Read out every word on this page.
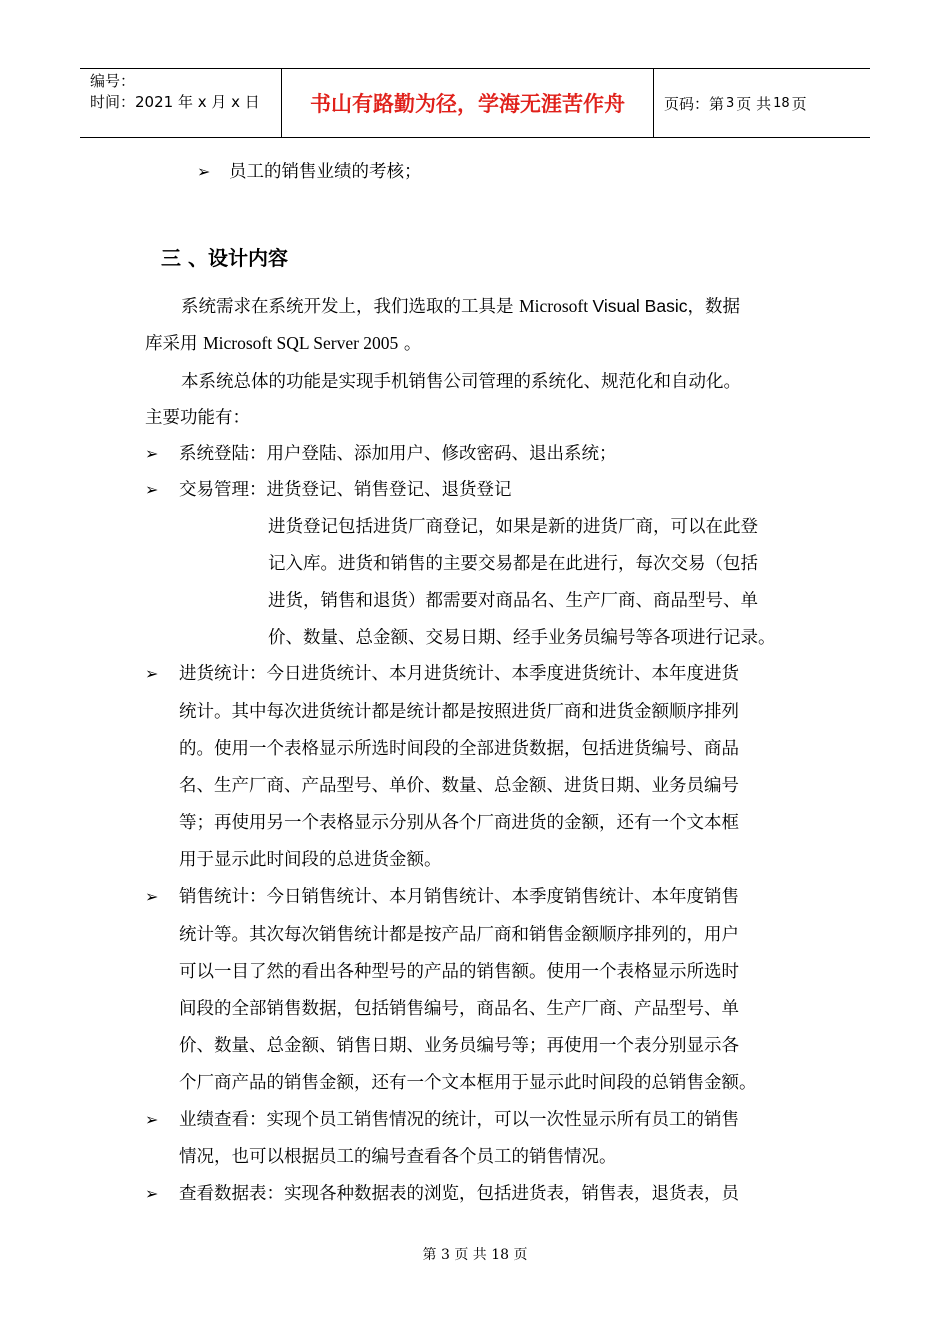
编号：
时间：2021 年 x 月 x 日	书山有路勤为径，学海无涯苦作舟	页码：第 3 页 共 18 页
➢ 员工的销售业绩的考核；
三 、设计内容
系统需求在系统开发上，我们选取的工具是 Microsoft Visual Basic，数据
库采用 Microsoft SQL Server 2005 。
本系统总体的功能是实现手机销售公司管理的系统化、规范化和自动化。
主要功能有：
➢ 系统登陆：用户登陆、添加用户、修改密码、退出系统；
➢ 交易管理：进货登记、销售登记、退货登记
进货登记包括进货厂商登记，如果是新的进货厂商，可以在此登
记入库。进货和销售的主要交易都是在此进行，每次交易（包括
进货，销售和退货）都需要对商品名、生产厂商、商品型号、单
价、数量、总金额、交易日期、经手业务员编号等各项进行记录。
➢ 进货统计：今日进货统计、本月进货统计、本季度进货统计、本年度进货
统计。其中每次进货统计都是统计都是按照进货厂商和进货金额顺序排列
的。使用一个表格显示所选时间段的全部进货数据，包括进货编号、商品
名、生产厂商、产品型号、单价、数量、总金额、进货日期、业务员编号
等；再使用另一个表格显示分别从各个厂商进货的金额，还有一个文本框
用于显示此时间段的总进货金额。
➢ 销售统计：今日销售统计、本月销售统计、本季度销售统计、本年度销售
统计等。其次每次销售统计都是按产品厂商和销售金额顺序排列的，用户
可以一目了然的看出各种型号的产品的销售额。使用一个表格显示所选时
间段的全部销售数据，包括销售编号，商品名、生产厂商、产品型号、单
价、数量、总金额、销售日期、业务员编号等；再使用一个表分别显示各
个厂商产品的销售金额，还有一个文本框用于显示此时间段的总销售金额。
➢ 业绩查看：实现个员工销售情况的统计，可以一次性显示所有员工的销售
情况，也可以根据员工的编号查看各个员工的销售情况。
➢ 查看数据表：实现各种数据表的浏览，包括进货表，销售表，退货表，员
第 3 页 共 18 页
